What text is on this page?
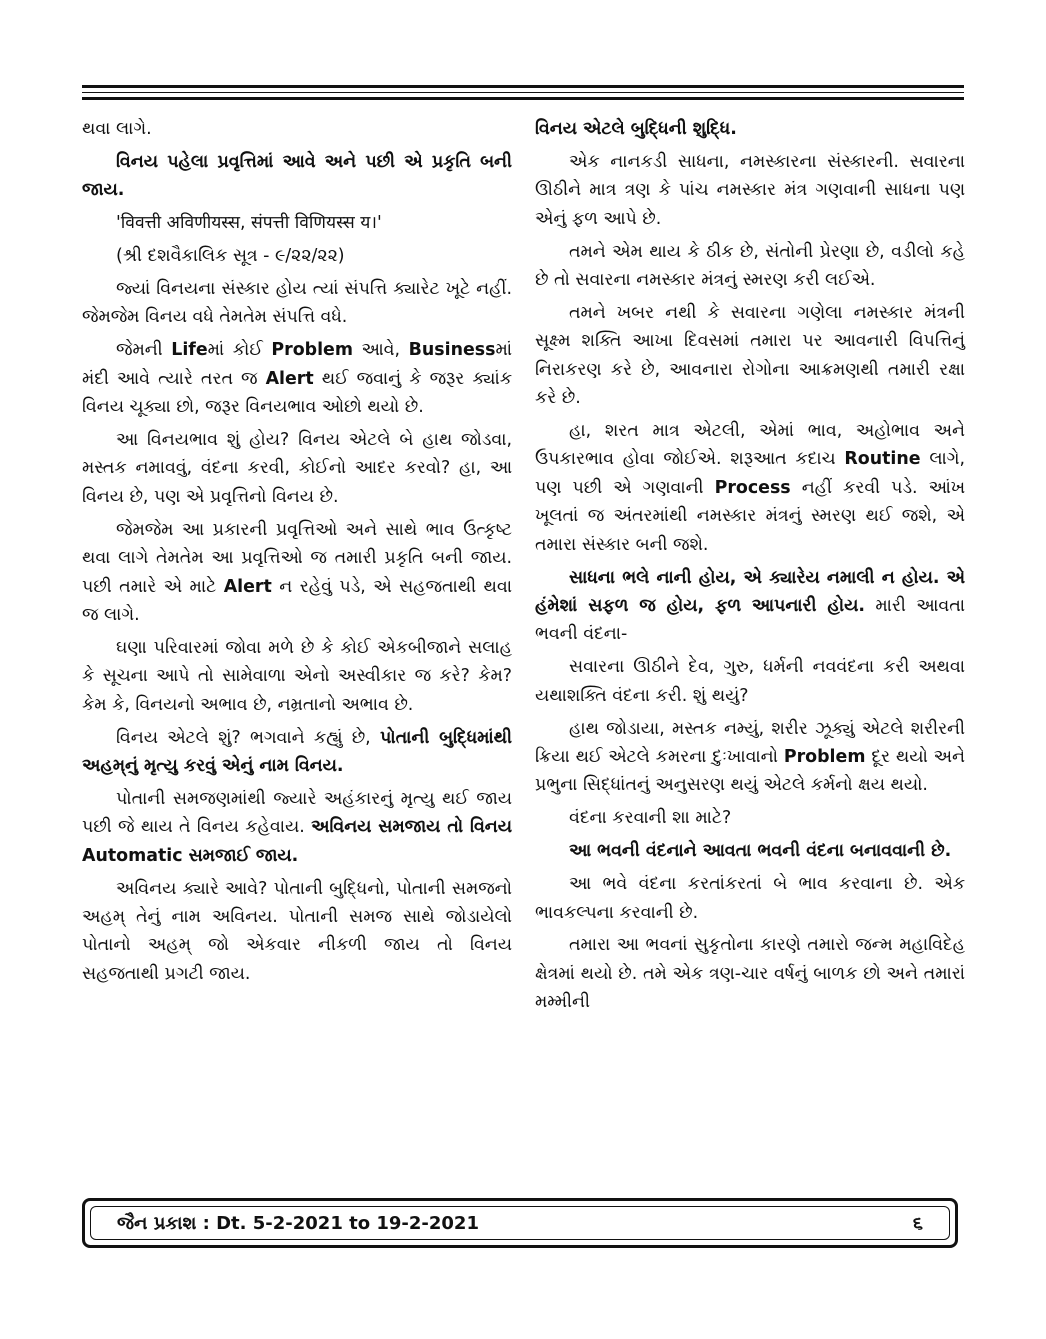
થવા લાગે.

વિનય પહેલા પ્રવૃત્તિમાં આવે અને પછી એ પ્રકૃતિ બની જાય.

'विवत्ती अविणीयस्स, संपत्ती विणियस्स य।'

(શ્રી દશવૈકાલિક સૂત્ર - ૯/૨૨/૨૨)

જ્યાં વિનયના સંસ્કાર હોય ત્યાં સંપત્તિ ક્યારેટ ખૂટે નહીં. જેમજેમ વિનય વધે તેમતેમ સંપત્તિ વધે.

જેમની Lifeમાં કોઈ Problem આવે, Businessમાં મંદી આવે ત્યારે તરત જ Alert થઈ જવાનું કે જરૂર ક્યાંક વિનય ચૂક્યા છો, જરૂર વિનયભાવ ઓછો થયો છે.

આ વિનયભાવ શું હોય? વિનય એટલે બે હાથ જોડવા, મસ્તક નમાવવું, વંદના કરવી, કોઈનો આદર કરવો? હા, આ વિનય છે, પણ એ પ્રવૃત્તિનો વિનય છે.

જેમજેમ આ પ્રકારની પ્રવૃત્તિઓ અને સાથે ભાવ ઉત્કૃષ્ટ થવા લાગે તેમતેમ આ પ્રવૃત્તિઓ જ તમારી પ્રકૃતિ બની જાય. પછી તમારે એ માટે Alert ન રહેવું પડે, એ સહજતાથી થવા જ લાગે.

ઘણા પરિવારમાં જોવા મળે છે કે કોઈ એકબીજાને સલાહ કે સૂચના આપે તો સામેવાળા એનો અસ્વીકાર જ કરે? કેમ? કેમ કે, વિનયનો અભાવ છે, નમ્રતાનો અભાવ છે.

વિનય એટલે શું? ભગવાને કહ્યું છે, પોતાની બુદ્ધિમાંથી અહમ્‌નું મૃત્યુ કરવું એનું નામ વિનય.

પોતાની સમજણમાંથી જ્યારે અહંકારનું મૃત્યુ થઈ જાય પછી જે થાય તે વિનય કહેવાય. અવિનય સમજાય તો વિનય Automatic સમજાઈ જાય.

અવિનય ક્યારે આવે? પોતાની બુદ્ધિનો, પોતાની સમજનો અહમ્ તેનું નામ અવિનય. પોતાની સમજ સાથે જોડાયેલો પોતાનો અહમ્ જો એકવાર નીકળી જાય તો વિનય સહજતાથી પ્રગટી જાય.

વિનય એટલે બુદ્ધિની શુદ્ધિ.

એક નાનકડી સાધના, નમસ્કારના સંસ્કારની. સવારના ઊઠીને માત્ર ત્રણ કે પાંચ નમસ્કાર મંત્ર ગણવાની સાધના પણ એનું ફળ આપે છે.

તમને એમ થાય કે ઠીક છે, સંતોની પ્રેરણા છે, વડીલો કહે છે તો સવારના નમસ્કાર મંત્રનું સ્મરણ કરી લઈએ.

તમને ખબર નથી કે સવારના ગણેલા નમસ્કાર મંત્રની સૂક્ષ્મ શક્તિ આખા દિવસમાં તમારા પર આવનારી વિપત્તિનું નિરાકરણ કરે છે, આવનારા રોગોના આક્રમણથી તમારી રક્ષા કરે છે.

હા, શરત માત્ર એટલી, એમાં ભાવ, અહોભાવ અને ઉપકારભાવ હોવા જોઈએ. શરૂઆત કદાચ Routine લાગે, પણ પછી એ ગણવાની Process નહીં કરવી પડે. આંખ ખૂલતાં જ અંતરમાંથી નમસ્કાર મંત્રનું સ્મરણ થઈ જશે, એ તમારા સંસ્કાર બની જશે.

સાધના ભલે નાની હોય, એ ક્યારેય નમાલી ન હોય. એ હંમેશાં સફળ જ હોય, ફળ આપનારી હોય. મારી આવતા ભવની વંદના-

સવારના ઊઠીને દેવ, ગુરુ, ધર્મની નવવંદના કરી અથવા યથાશક્તિ વંદના કરી. શું થયું?

હાથ જોડાયા, મસ્તક નમ્યું, શરીર ઝૂક્યું એટલે શરીરની ક્રિયા થઈ એટલે કમરના દુઃખાવાનો Problem દૂર થયો અને પ્રભુના સિદ્ધાંતનું અનુસરણ થયું એટલે કર્મનો ક્ષય થયો.

વંદના કરવાની શા માટે?

આ ભવની વંદનાને આવતા ભવની વંદના બનાવવાની છે.

આ ભવે વંદના કરતાંકરતાં બે ભાવ કરવાના છે. એક ભાવકલ્પના કરવાની છે.

તમારા આ ભવનાં સુકૃતોના કારણે તમારો જન્મ મહાવિદેહ ક્ષેત્રમાં થયો છે. તમે એક ત્રણ-ચાર વર્ષનું બાળક છો અને તમારાં મમ્મીની

જૈન પ્રકાશ : Dt. 5-2-2021 to 19-2-2021	૬
